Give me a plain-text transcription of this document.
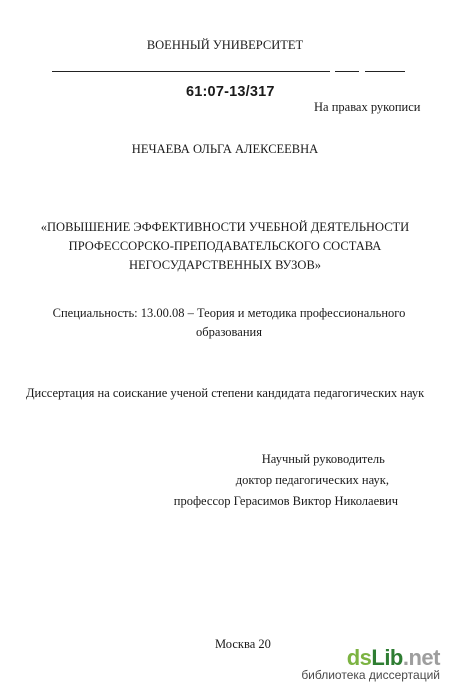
ВОЕННЫЙ УНИВЕРСИТЕТ
61:07-13/317
На правах рукописи
НЕЧАЕВА ОЛЬГА АЛЕКСЕЕВНА
«ПОВЫШЕНИЕ ЭФФЕКТИВНОСТИ УЧЕБНОЙ ДЕЯТЕЛЬНОСТИ
ПРОФЕССОРСКО-ПРЕПОДАВАТЕЛЬСКОГО СОСТАВА
НЕГОСУДАРСТВЕННЫХ ВУЗОВ»
Специальность: 13.00.08 – Теория и методика профессионального
образования
Диссертация на соискание ученой степени кандидата педагогических наук
Научный руководитель
доктор педагогических наук,
профессор Герасимов Виктор Николаевич
Москва 20
dsLib.net
библиотека диссертаций
